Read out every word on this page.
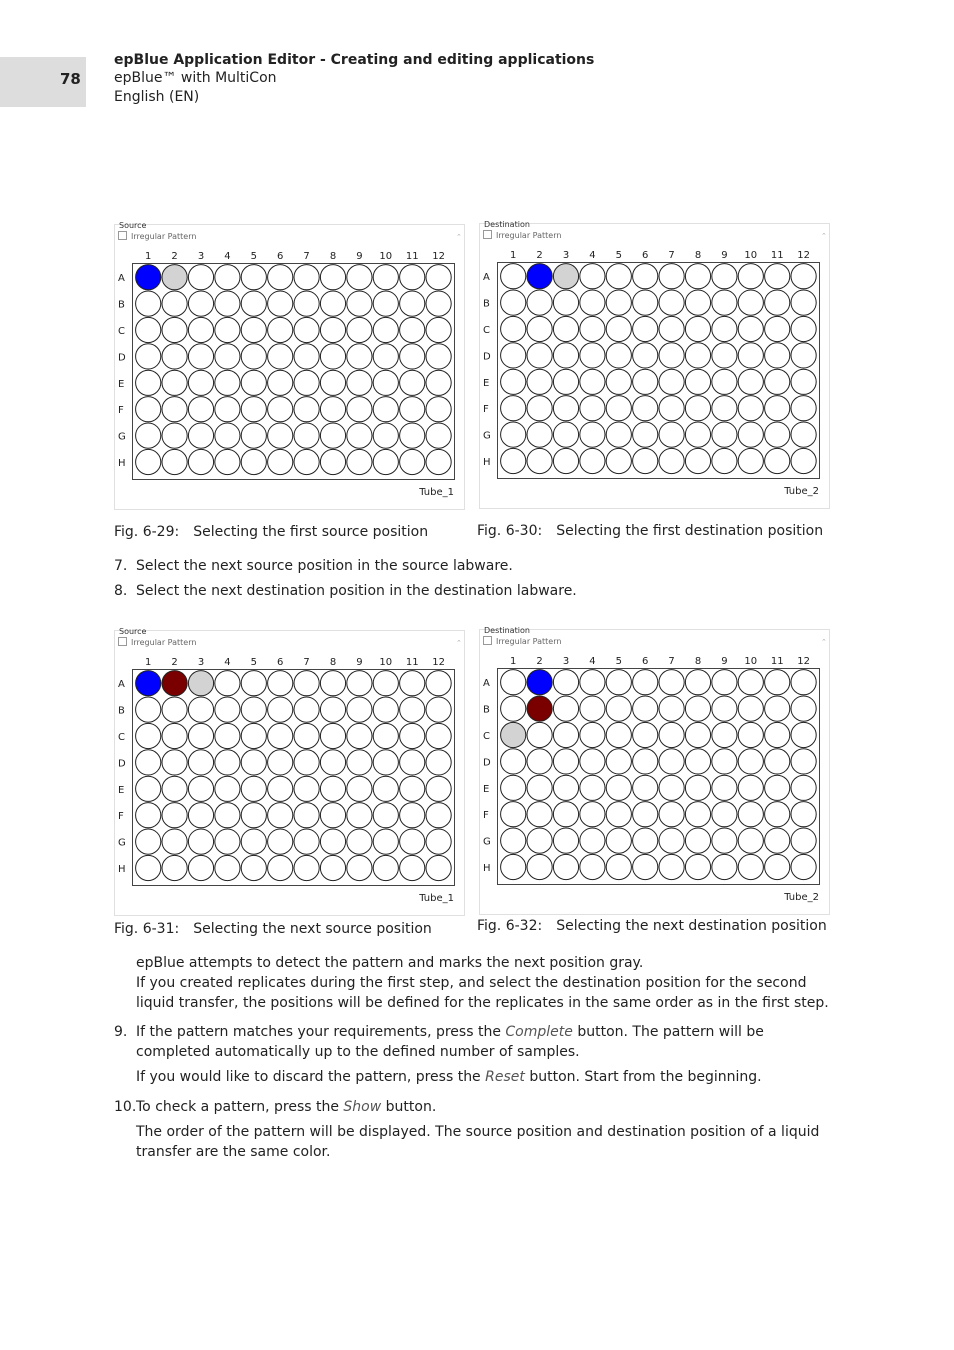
78
epBlue Application Editor - Creating and editing applications
epBlue™ with MultiCon
English (EN)
Source
Irregular Pattern	⌃
1 2 3 4 5 6 7 8 9 10 11 12
A
B
C
D
E
F
G
H
Tube_1
Destination
Irregular Pattern	⌃
1 2 3 4 5 6 7 8 9 10 11 12
A
B
C
D
E
F
G
H
Tube_2
Source
Irregular Pattern	⌃
1 2 3 4 5 6 7 8 9 10 11 12
A
B
C
D
E
F
G
H
Tube_1
Destination
Irregular Pattern	⌃
1 2 3 4 5 6 7 8 9 10 11 12
A
B
C
D
E
F
G
H
Tube_2
Fig. 6-29: Selecting the first source position	Fig. 6-30: Selecting the first destination position
7. Select the next source position in the source labware.
8. Select the next destination position in the destination labware.
Fig. 6-31: Selecting the next source position	Fig. 6-32: Selecting the next destination position
epBlue attempts to detect the pattern and marks the next position gray.
If you created replicates during the first step, and select the destination position for the second liquid transfer, the positions will be defined for the replicates in the same order as in the first step.
9. If the pattern matches your requirements, press the Complete button. The pattern will be completed automatically up to the defined number of samples.
If you would like to discard the pattern, press the Reset button. Start from the beginning.
10.To check a pattern, press the Show button.
The order of the pattern will be displayed. The source position and destination position of a liquid transfer are the same color.
